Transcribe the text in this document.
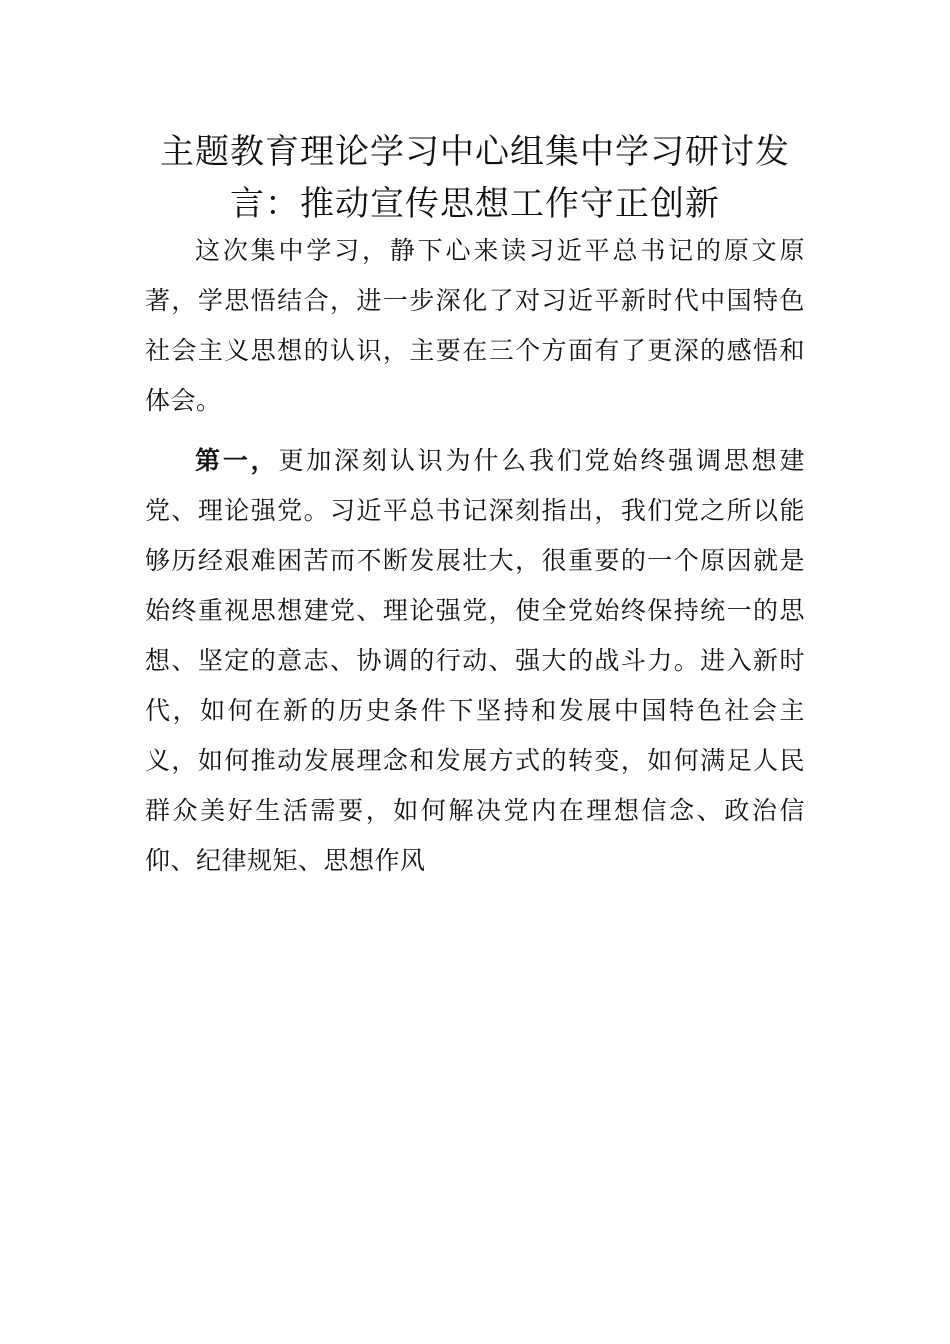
主题教育理论学习中心组集中学习研讨发言：推动宣传思想工作守正创新

这次集中学习，静下心来读习近平总书记的原文原著，学思悟结合，进一步深化了对习近平新时代中国特色社会主义思想的认识，主要在三个方面有了更深的感悟和体会。

第一，更加深刻认识为什么我们党始终强调思想建党、理论强党。习近平总书记深刻指出，我们党之所以能够历经艰难困苦而不断发展壮大，很重要的一个原因就是始终重视思想建党、理论强党，使全党始终保持统一的思想、坚定的意志、协调的行动、强大的战斗力。进入新时代，如何在新的历史条件下坚持和发展中国特色社会主义，如何推动发展理念和发展方式的转变，如何满足人民群众美好生活需要，如何解决党内在理想信念、政治信仰、纪律规矩、思想作风
